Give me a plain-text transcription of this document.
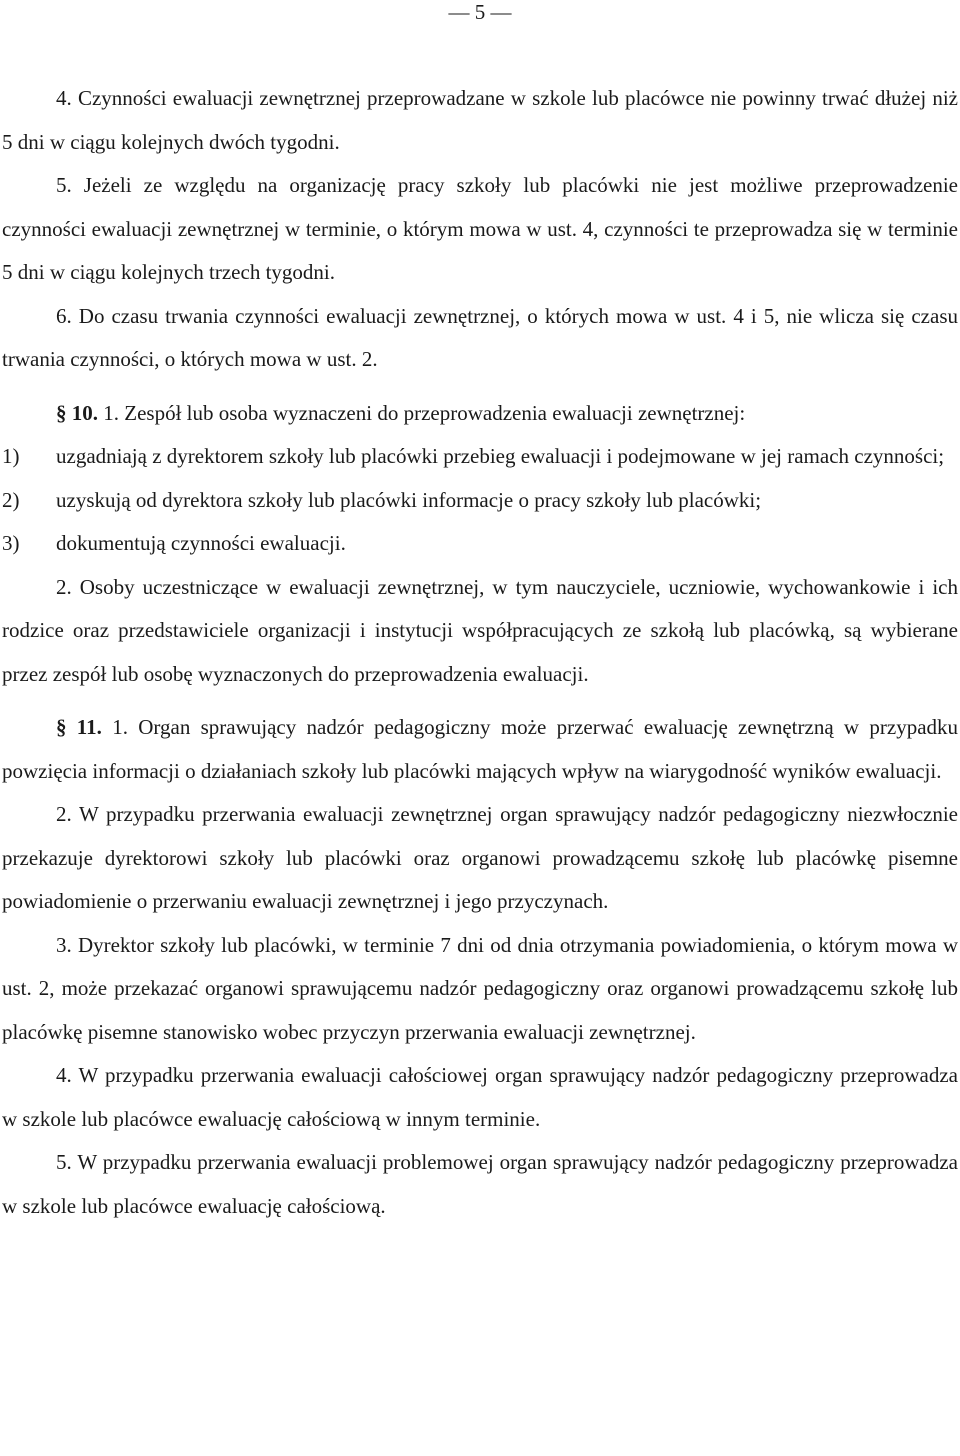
— 5 —

4. Czynności ewaluacji zewnętrznej przeprowadzane w szkole lub placówce nie powinny trwać dłużej niż 5 dni w ciągu kolejnych dwóch tygodni.

5. Jeżeli ze względu na organizację pracy szkoły lub placówki nie jest możliwe przeprowadzenie czynności ewaluacji zewnętrznej w terminie, o którym mowa w ust. 4, czynności te przeprowadza się w terminie 5 dni w ciągu kolejnych trzech tygodni.

6. Do czasu trwania czynności ewaluacji zewnętrznej, o których mowa w ust. 4 i 5, nie wlicza się czasu trwania czynności, o których mowa w ust. 2.

§ 10. 1. Zespół lub osoba wyznaczeni do przeprowadzenia ewaluacji zewnętrznej:

1)	uzgadniają z dyrektorem szkoły lub placówki przebieg ewaluacji i podejmowane w jej ramach czynności;
2)	uzyskują od dyrektora szkoły lub placówki informacje o pracy szkoły lub placówki;
3)	dokumentują czynności ewaluacji.

2. Osoby uczestniczące w ewaluacji zewnętrznej, w tym nauczyciele, uczniowie, wychowankowie i ich rodzice oraz przedstawiciele organizacji i instytucji współpracujących ze szkołą lub placówką, są wybierane przez zespół lub osobę wyznaczonych do przeprowadzenia ewaluacji.

§ 11. 1. Organ sprawujący nadzór pedagogiczny może przerwać ewaluację zewnętrzną w przypadku powzięcia informacji o działaniach szkoły lub placówki mających wpływ na wiarygodność wyników ewaluacji.

2. W przypadku przerwania ewaluacji zewnętrznej organ sprawujący nadzór pedagogiczny niezwłocznie przekazuje dyrektorowi szkoły lub placówki oraz organowi prowadzącemu szkołę lub placówkę pisemne powiadomienie o przerwaniu ewaluacji zewnętrznej i jego przyczynach.

3. Dyrektor szkoły lub placówki, w terminie 7 dni od dnia otrzymania powiadomienia, o którym mowa w ust. 2, może przekazać organowi sprawującemu nadzór pedagogiczny oraz organowi prowadzącemu szkołę lub placówkę pisemne stanowisko wobec przyczyn przerwania ewaluacji zewnętrznej.

4. W przypadku przerwania ewaluacji całościowej organ sprawujący nadzór pedagogiczny przeprowadza w szkole lub placówce ewaluację całościową w innym terminie.

5. W przypadku przerwania ewaluacji problemowej organ sprawujący nadzór pedagogiczny przeprowadza w szkole lub placówce ewaluację całościową.
